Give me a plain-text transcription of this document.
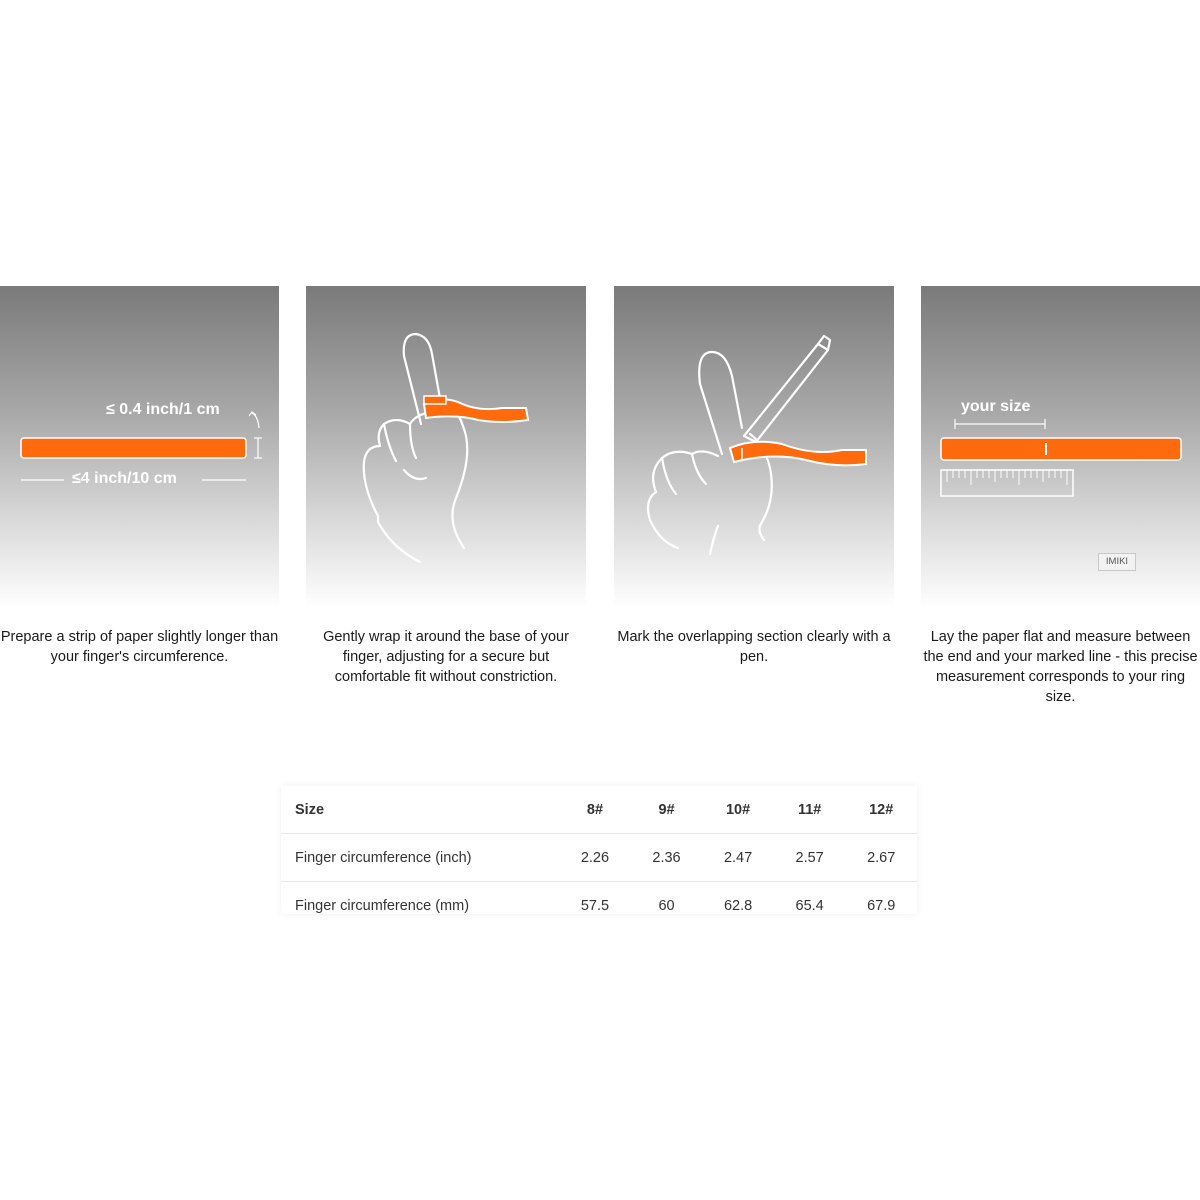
≤ 0.4 inch/1 cm
≤4 inch/10 cm
your size
IMIKI
Prepare a strip of paper slightly longer than your finger's circumference.
Gently wrap it around the base of your finger, adjusting for a secure but comfortable fit without constriction.
Mark the overlapping section clearly with a pen.
Lay the paper flat and measure between the end and your marked line - this precise measurement corresponds to your ring size.
Size	8#	9#	10#	11#	12#
Finger circumference (inch)	2.26	2.36	2.47	2.57	2.67
Finger circumference (mm)	57.5	60	62.8	65.4	67.9
